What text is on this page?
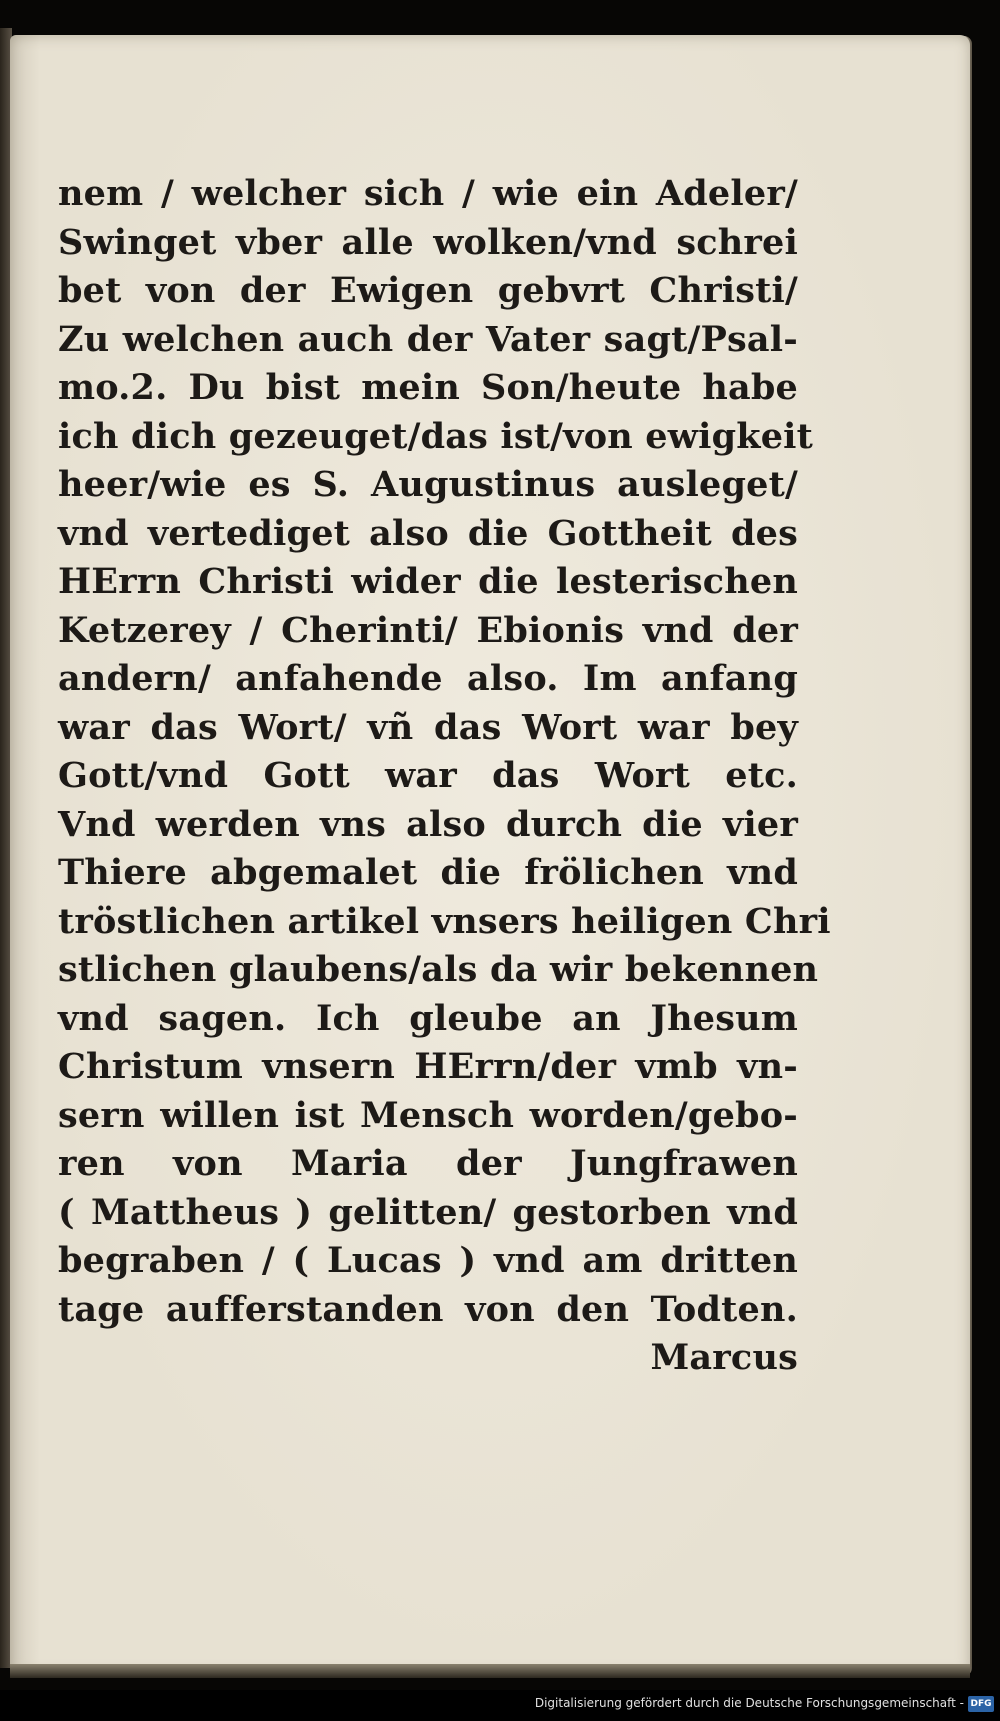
nem / welcher sich / wie ein Adeler/
Swinget vber alle wolken/vnd schrei
bet von der Ewigen gebvrt Christi/
Zu welchen auch der Vater sagt/Psal-
mo.2. Du bist mein Son/heute habe
ich dich gezeuget/das ist/von ewigkeit
heer/wie es S. Augustinus ausleget/
vnd vertediget also die Gottheit des
HErrn Christi wider die lesterischen
Ketzerey / Cherinti/ Ebionis vnd der
andern/ anfahende also. Im anfang
war das Wort/ vñ das Wort war bey
Gott/vnd Gott war das Wort etc.
Vnd werden vns also durch die vier
Thiere abgemalet die frölichen vnd
tröstlichen artikel vnsers heiligen Chri
stlichen glaubens/als da wir bekennen
vnd sagen. Ich gleube an Jhesum
Christum vnsern HErrn/der vmb vn-
sern willen ist Mensch worden/gebo-
ren von Maria der Jungfrawen
( Mattheus ) gelitten/ gestorben vnd
begraben / ( Lucas ) vnd am dritten
tage aufferstanden von den Todten.
Marcus
Digitalisierung gefördert durch die Deutsche Forschungsgemeinschaft - DFG
